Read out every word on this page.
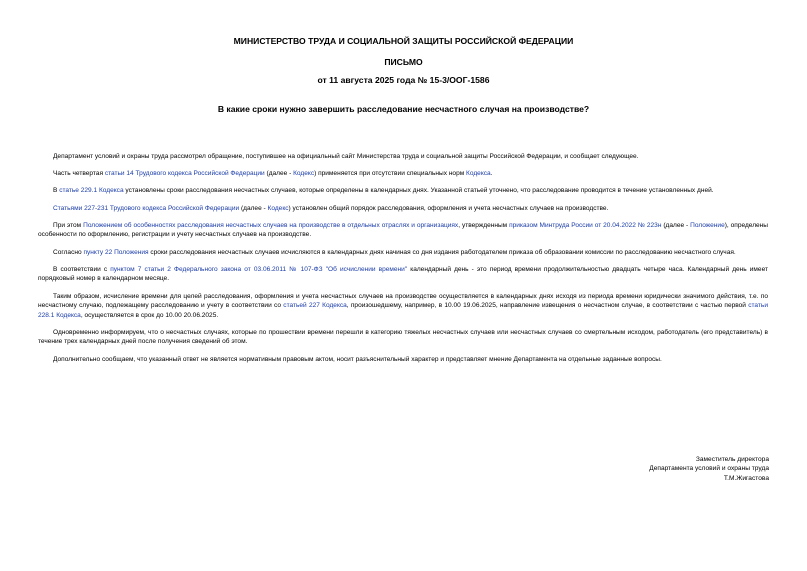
МИНИСТЕРСТВО ТРУДА И СОЦИАЛЬНОЙ ЗАЩИТЫ РОССИЙСКОЙ ФЕДЕРАЦИИ
ПИСЬМО
от 11 августа 2025 года № 15-3/ООГ-1586
В какие сроки нужно завершить расследование несчастного случая на производстве?

Департамент условий и охраны труда рассмотрел обращение, поступившее на официальный сайт Министерства труда и социальной защиты Российской Федерации, и сообщает следующее.

Часть четвертая статьи 14 Трудового кодекса Российской Федерации (далее - Кодекс) применяется при отсутствии специальных норм Кодекса.

В статье 229.1 Кодекса установлены сроки расследования несчастных случаев, которые определены в календарных днях. Указанной статьей уточнено, что расследование проводится в течение установленных дней.

Статьями 227-231 Трудового кодекса Российской Федерации (далее - Кодекс) установлен общий порядок расследования, оформления и учета несчастных случаев на производстве.

При этом Положением об особенностях расследования несчастных случаев на производстве в отдельных отраслях и организациях, утвержденным приказом Минтруда России от 20.04.2022 № 223н (далее - Положение), определены особенности по оформлению, регистрации и учету несчастных случаев на производстве.

Согласно пункту 22 Положения сроки расследования несчастных случаев исчисляются в календарных днях начиная со дня издания работодателем приказа об образовании комиссии по расследованию несчастного случая.

В соответствии с пунктом 7 статьи 2 Федерального закона от 03.06.2011 № 107-ФЗ "Об исчислении времени" календарный день - это период времени продолжительностью двадцать четыре часа. Календарный день имеет порядковый номер в календарном месяце.

Таким образом, исчисление времени для целей расследования, оформления и учета несчастных случаев на производстве осуществляется в календарных днях исходя из периода времени юридически значимого действия, т.е. по несчастному случаю, подлежащему расследованию и учету в соответствии со статьей 227 Кодекса, произошедшему, например, в 10.00 19.06.2025, направление извещения о несчастном случае, в соответствии с частью первой статьи 228.1 Кодекса, осуществляется в срок до 10.00 20.06.2025.

Одновременно информируем, что о несчастных случаях, которые по прошествии времени перешли в категорию тяжелых несчастных случаев или несчастных случаев со смертельным исходом, работодатель (его представитель) в течение трех календарных дней после получения сведений об этом.

Дополнительно сообщаем, что указанный ответ не является нормативным правовым актом, носит разъяснительный характер и представляет мнение Департамента на отдельные заданные вопросы.

Заместитель директора
Департамента условий и охраны труда
Т.М.Жигастова
